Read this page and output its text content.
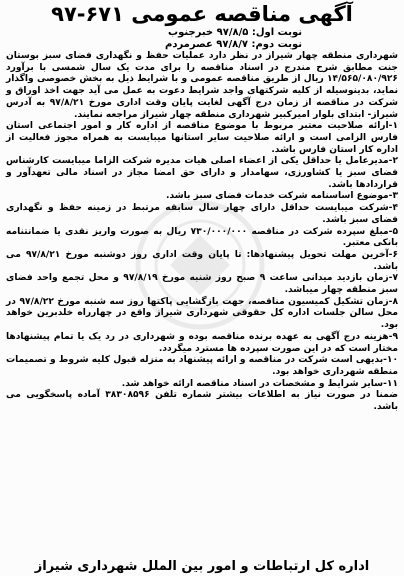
آگهی مناقصه عمومی ۶۷۱-۹۷
نوبت اول: ۹۷/۸/۵ خبرجنوب
نوبت دوم: ۹۷/۸/۷ عصرمردم

شهرداری منطقه چهار شیراز در نظر دارد عملیات حفظ و نگهداری فضای سبز بوستان جنت مطابق شرح مندرج در اسناد مناقصه را برای مدت یک سال شمسی با برآورد ۱۴/۵۶۵/۰۸۰/۹۲۶ ریال از طریق مناقصه عمومی و با شرایط ذیل به بخش خصوصی واگذار نماید، بدینوسیله از کلیه شرکتهای واجد شرایط دعوت به عمل می آید جهت اخذ اوراق و شرکت در مناقصه از زمان درج آگهی لغایت پایان وقت اداری مورخ ۹۷/۸/۲۱ به آدرس شیراز- ابتدای بلوار امیرکبیر شهرداری منطقه چهار شیراز مراجعه نمایند.

۱-ارائه صلاحیت معتبر مربوط با موضوع مناقصه از اداره کار و امور اجتماعی استان فارس الزامی است و ارائه صلاحیت سایر استانها میبایست به همراه مجوز فعالیت از اداره کار استان فارس باشد.

۲-مدیرعامل یا حداقل یکی از اعضاء اصلی هیات مدیره شرکت الزاما میبایست کارشناس فضای سبز یا کشاورزی، سهامدار و دارای حق امضا مجاز در اسناد مالی تعهدآور و قراردادها باشد.

۳-موضوع اساسنامه شرکت خدمات فضای سبز باشد.

۴-شرکت میبایست حداقل دارای چهار سال سابقه مرتبط در زمینه حفظ و نگهداری فضای سبز باشد.

۵-مبلغ سپرده شرکت در مناقصه ۷۳۰/۰۰۰/۰۰۰ ریال به صورت واریز نقدی یا ضمانتنامه بانکی معتبر.

۶-آخرین مهلت تحویل پیشنهادها: تا پایان وقت اداری روز دوشنبه مورخ ۹۷/۸/۲۱ می باشد.

۷-زمان بازدید میدانی ساعت ۹ صبح روز شنبه مورخ ۹۷/۸/۱۹ و محل تجمع واحد فضای سبز منطقه چهار میباشد.

۸-زمان تشکیل کمیسیون مناقصه، جهت بازگشایی پاکتها روز سه شنبه مورخ ۹۷/۸/۲۲ در محل سالن جلسات اداره کل حقوقی شهرداری شیراز واقع در چهارراه خلدبرین خواهد بود.

۹-هزینه درج آگهی به عهده برنده مناقصه بوده و شهرداری در رد یک یا تمام پیشنهادها مختار است که در این صورت سپرده ها مسترد میگردد.

۱۰-بدیهی است شرکت در مناقصه و ارائه پیشنهاد به منزله قبول کلیه شروط و تصمیمات منطقه شهرداری خواهد بود.

۱۱-سایر شرایط و مشخصات در اسناد مناقصه ارائه خواهد شد.

ضمنا در صورت نیاز به اطلاعات بیشتر شماره تلفن ۳۸۳۰۸۵۹۶ آماده پاسخگویی می باشد.

اداره کل ارتباطات و امور بین الملل شهرداری شیراز
